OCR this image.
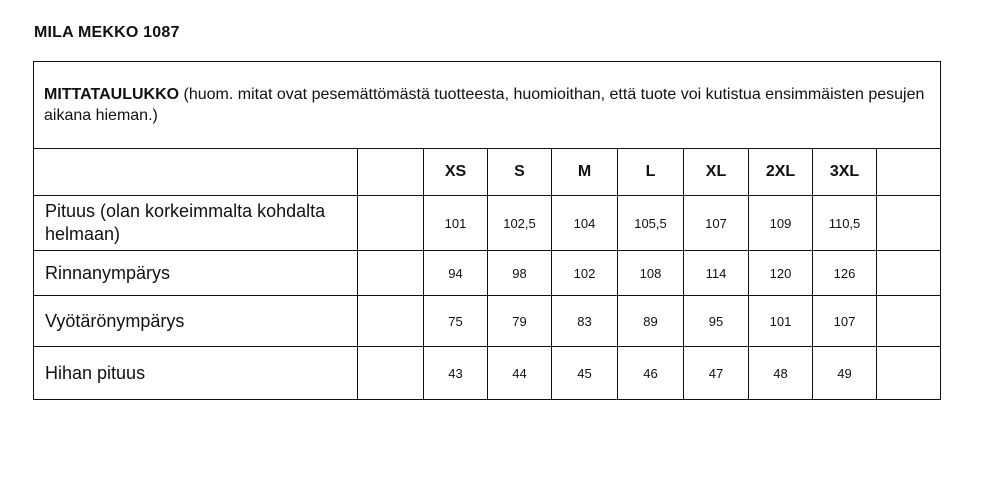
MILA MEKKO 1087
MITTATAULUKKO (huom. mitat ovat pesemättömästä tuotteesta, huomioithan, että tuote voi kutistua ensimmäisten pesujen aikana hieman.)									
		XS	S	M	L	XL	2XL	3XL	
Pituus (olan korkeimmalta kohdalta helmaan)		101	102,5	104	105,5	107	109	110,5	
Rinnanympärys		94	98	102	108	114	120	126	
Vyötärönympärys		75	79	83	89	95	101	107	
Hihan pituus		43	44	45	46	47	48	49	
